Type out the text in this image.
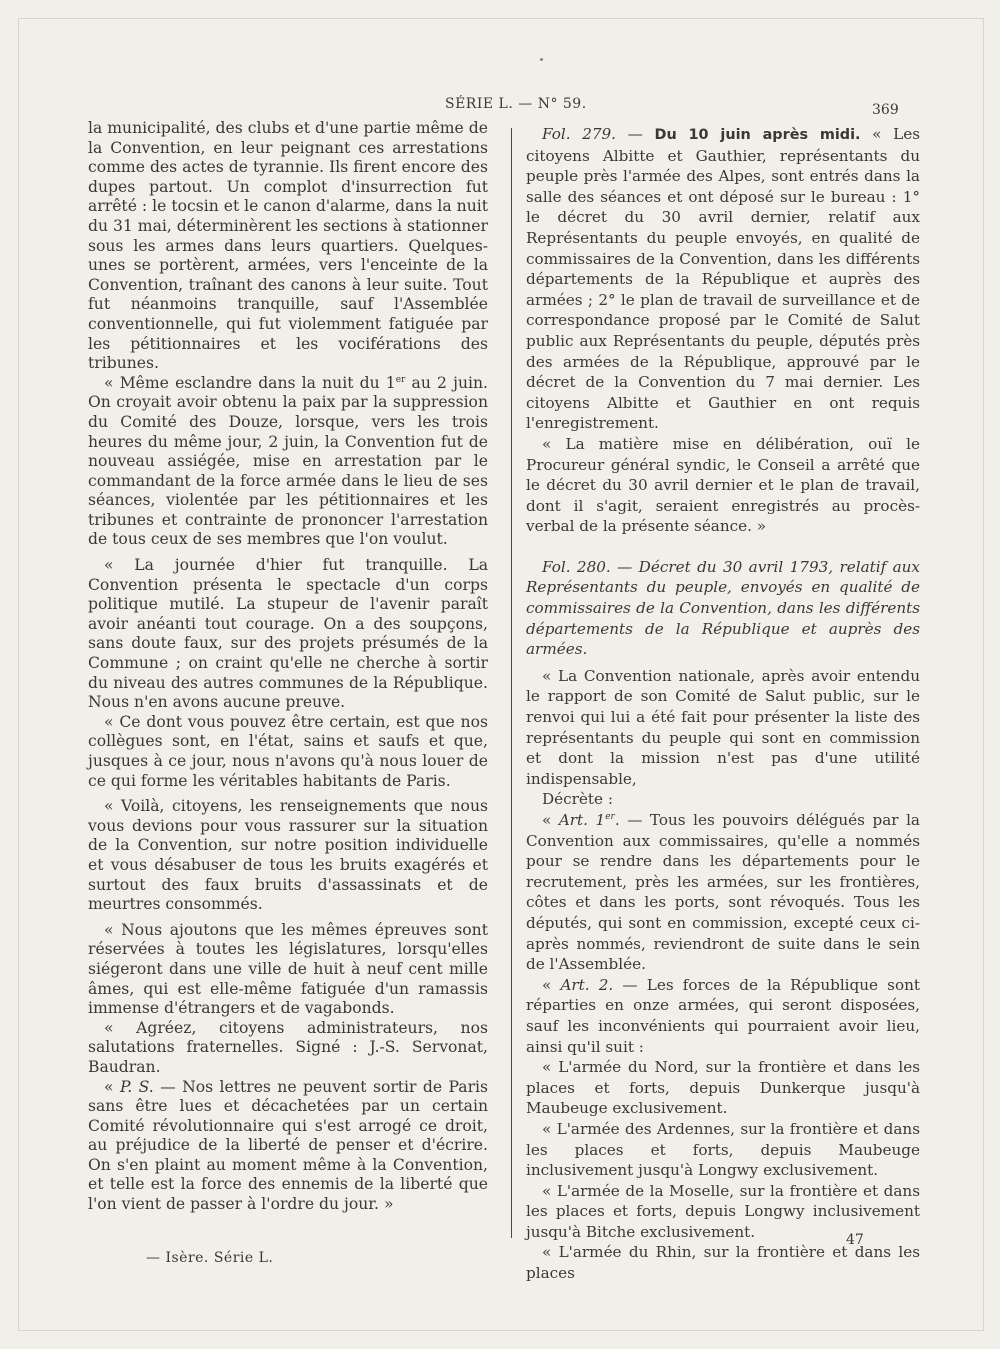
SÉRIE L. — N° 59.	369

la municipalité, des clubs et d'une partie même de la Convention, en leur peignant ces arrestations comme des actes de tyrannie. Ils firent encore des dupes partout. Un complot d'insurrection fut arrêté : le tocsin et le canon d'alarme, dans la nuit du 31 mai, déterminèrent les sections à stationner sous les armes dans leurs quartiers. Quelques-unes se portèrent, armées, vers l'enceinte de la Convention, traînant des canons à leur suite. Tout fut néanmoins tranquille, sauf l'Assemblée conventionnelle, qui fut violemment fatiguée par les pétitionnaires et les vociférations des tribunes.

« Même esclandre dans la nuit du 1er au 2 juin. On croyait avoir obtenu la paix par la suppression du Comité des Douze, lorsque, vers les trois heures du même jour, 2 juin, la Convention fut de nouveau assiégée, mise en arrestation par le commandant de la force armée dans le lieu de ses séances, violentée par les pétitionnaires et les tribunes et contrainte de prononcer l'arrestation de tous ceux de ses membres que l'on voulut.

« La journée d'hier fut tranquille. La Convention présenta le spectacle d'un corps politique mutilé. La stupeur de l'avenir paraît avoir anéanti tout courage. On a des soupçons, sans doute faux, sur des projets présumés de la Commune ; on craint qu'elle ne cherche à sortir du niveau des autres communes de la République. Nous n'en avons aucune preuve.

« Ce dont vous pouvez être certain, est que nos collègues sont, en l'état, sains et saufs et que, jusques à ce jour, nous n'avons qu'à nous louer de ce qui forme les véritables habitants de Paris.

« Voilà, citoyens, les renseignements que nous vous devions pour vous rassurer sur la situation de la Convention, sur notre position individuelle et vous désabuser de tous les bruits exagérés et surtout des faux bruits d'assassinats et de meurtres consommés.

« Nous ajoutons que les mêmes épreuves sont réservées à toutes les législatures, lorsqu'elles siégeront dans une ville de huit à neuf cent mille âmes, qui est elle-même fatiguée d'un ramassis immense d'étrangers et de vagabonds.

« Agréez, citoyens administrateurs, nos salutations fraternelles. Signé : J.-S. Servonat, Baudran.

« P. S. — Nos lettres ne peuvent sortir de Paris sans être lues et décachetées par un certain Comité révolutionnaire qui s'est arrogé ce droit, au préjudice de la liberté de penser et d'écrire. On s'en plaint au moment même à la Convention, et telle est la force des ennemis de la liberté que l'on vient de passer à l'ordre du jour. »

Fol. 279. — Du 10 juin après midi. « Les citoyens Albitte et Gauthier, représentants du peuple près l'armée des Alpes, sont entrés dans la salle des séances et ont déposé sur le bureau : 1° le décret du 30 avril dernier, relatif aux Représentants du peuple envoyés, en qualité de commissaires de la Convention, dans les différents départements de la République et auprès des armées ; 2° le plan de travail de surveillance et de correspondance proposé par le Comité de Salut public aux Représentants du peuple, députés près des armées de la République, approuvé par le décret de la Convention du 7 mai dernier. Les citoyens Albitte et Gauthier en ont requis l'enregistrement.

« La matière mise en délibération, ouï le Procureur général syndic, le Conseil a arrêté que le décret du 30 avril dernier et le plan de travail, dont il s'agit, seraient enregistrés au procès-verbal de la présente séance. »

Fol. 280. — Décret du 30 avril 1793, relatif aux Représentants du peuple, envoyés en qualité de commissaires de la Convention, dans les différents départements de la République et auprès des armées.

« La Convention nationale, après avoir entendu le rapport de son Comité de Salut public, sur le renvoi qui lui a été fait pour présenter la liste des représentants du peuple qui sont en commission et dont la mission n'est pas d'une utilité indispensable,

Décrète :

« Art. 1er. — Tous les pouvoirs délégués par la Convention aux commissaires, qu'elle a nommés pour se rendre dans les départements pour le recrutement, près les armées, sur les frontières, côtes et dans les ports, sont révoqués. Tous les députés, qui sont en commission, excepté ceux ci-après nommés, reviendront de suite dans le sein de l'Assemblée.

« Art. 2. — Les forces de la République sont réparties en onze armées, qui seront disposées, sauf les inconvénients qui pourraient avoir lieu, ainsi qu'il suit :

« L'armée du Nord, sur la frontière et dans les places et forts, depuis Dunkerque jusqu'à Maubeuge exclusivement.

« L'armée des Ardennes, sur la frontière et dans les places et forts, depuis Maubeuge inclusivement jusqu'à Longwy exclusivement.

« L'armée de la Moselle, sur la frontière et dans les places et forts, depuis Longwy inclusivement jusqu'à Bitche exclusivement.

« L'armée du Rhin, sur la frontière et dans les places

— Isère. Série L.
47
